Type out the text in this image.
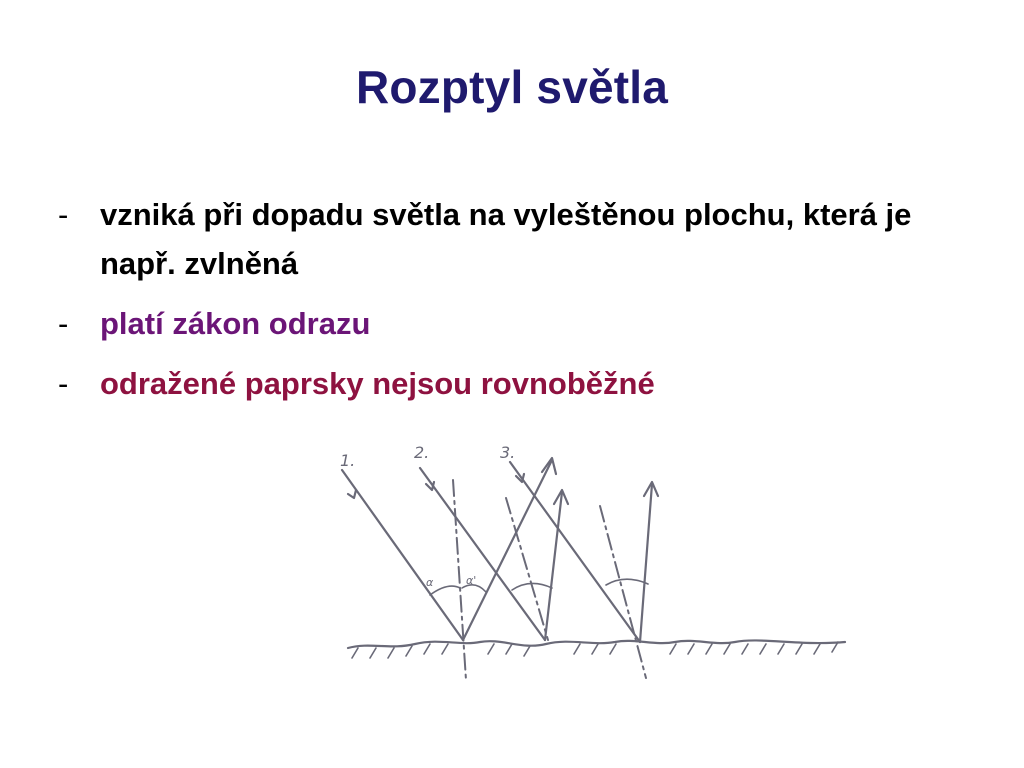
Rozptyl světla
- vzniká při dopadu světla na vyleštěnou plochu, která je např. zvlněná
- platí zákon odrazu
- odražené paprsky nejsou rovnoběžné
1.	2.	3.
α	α'
